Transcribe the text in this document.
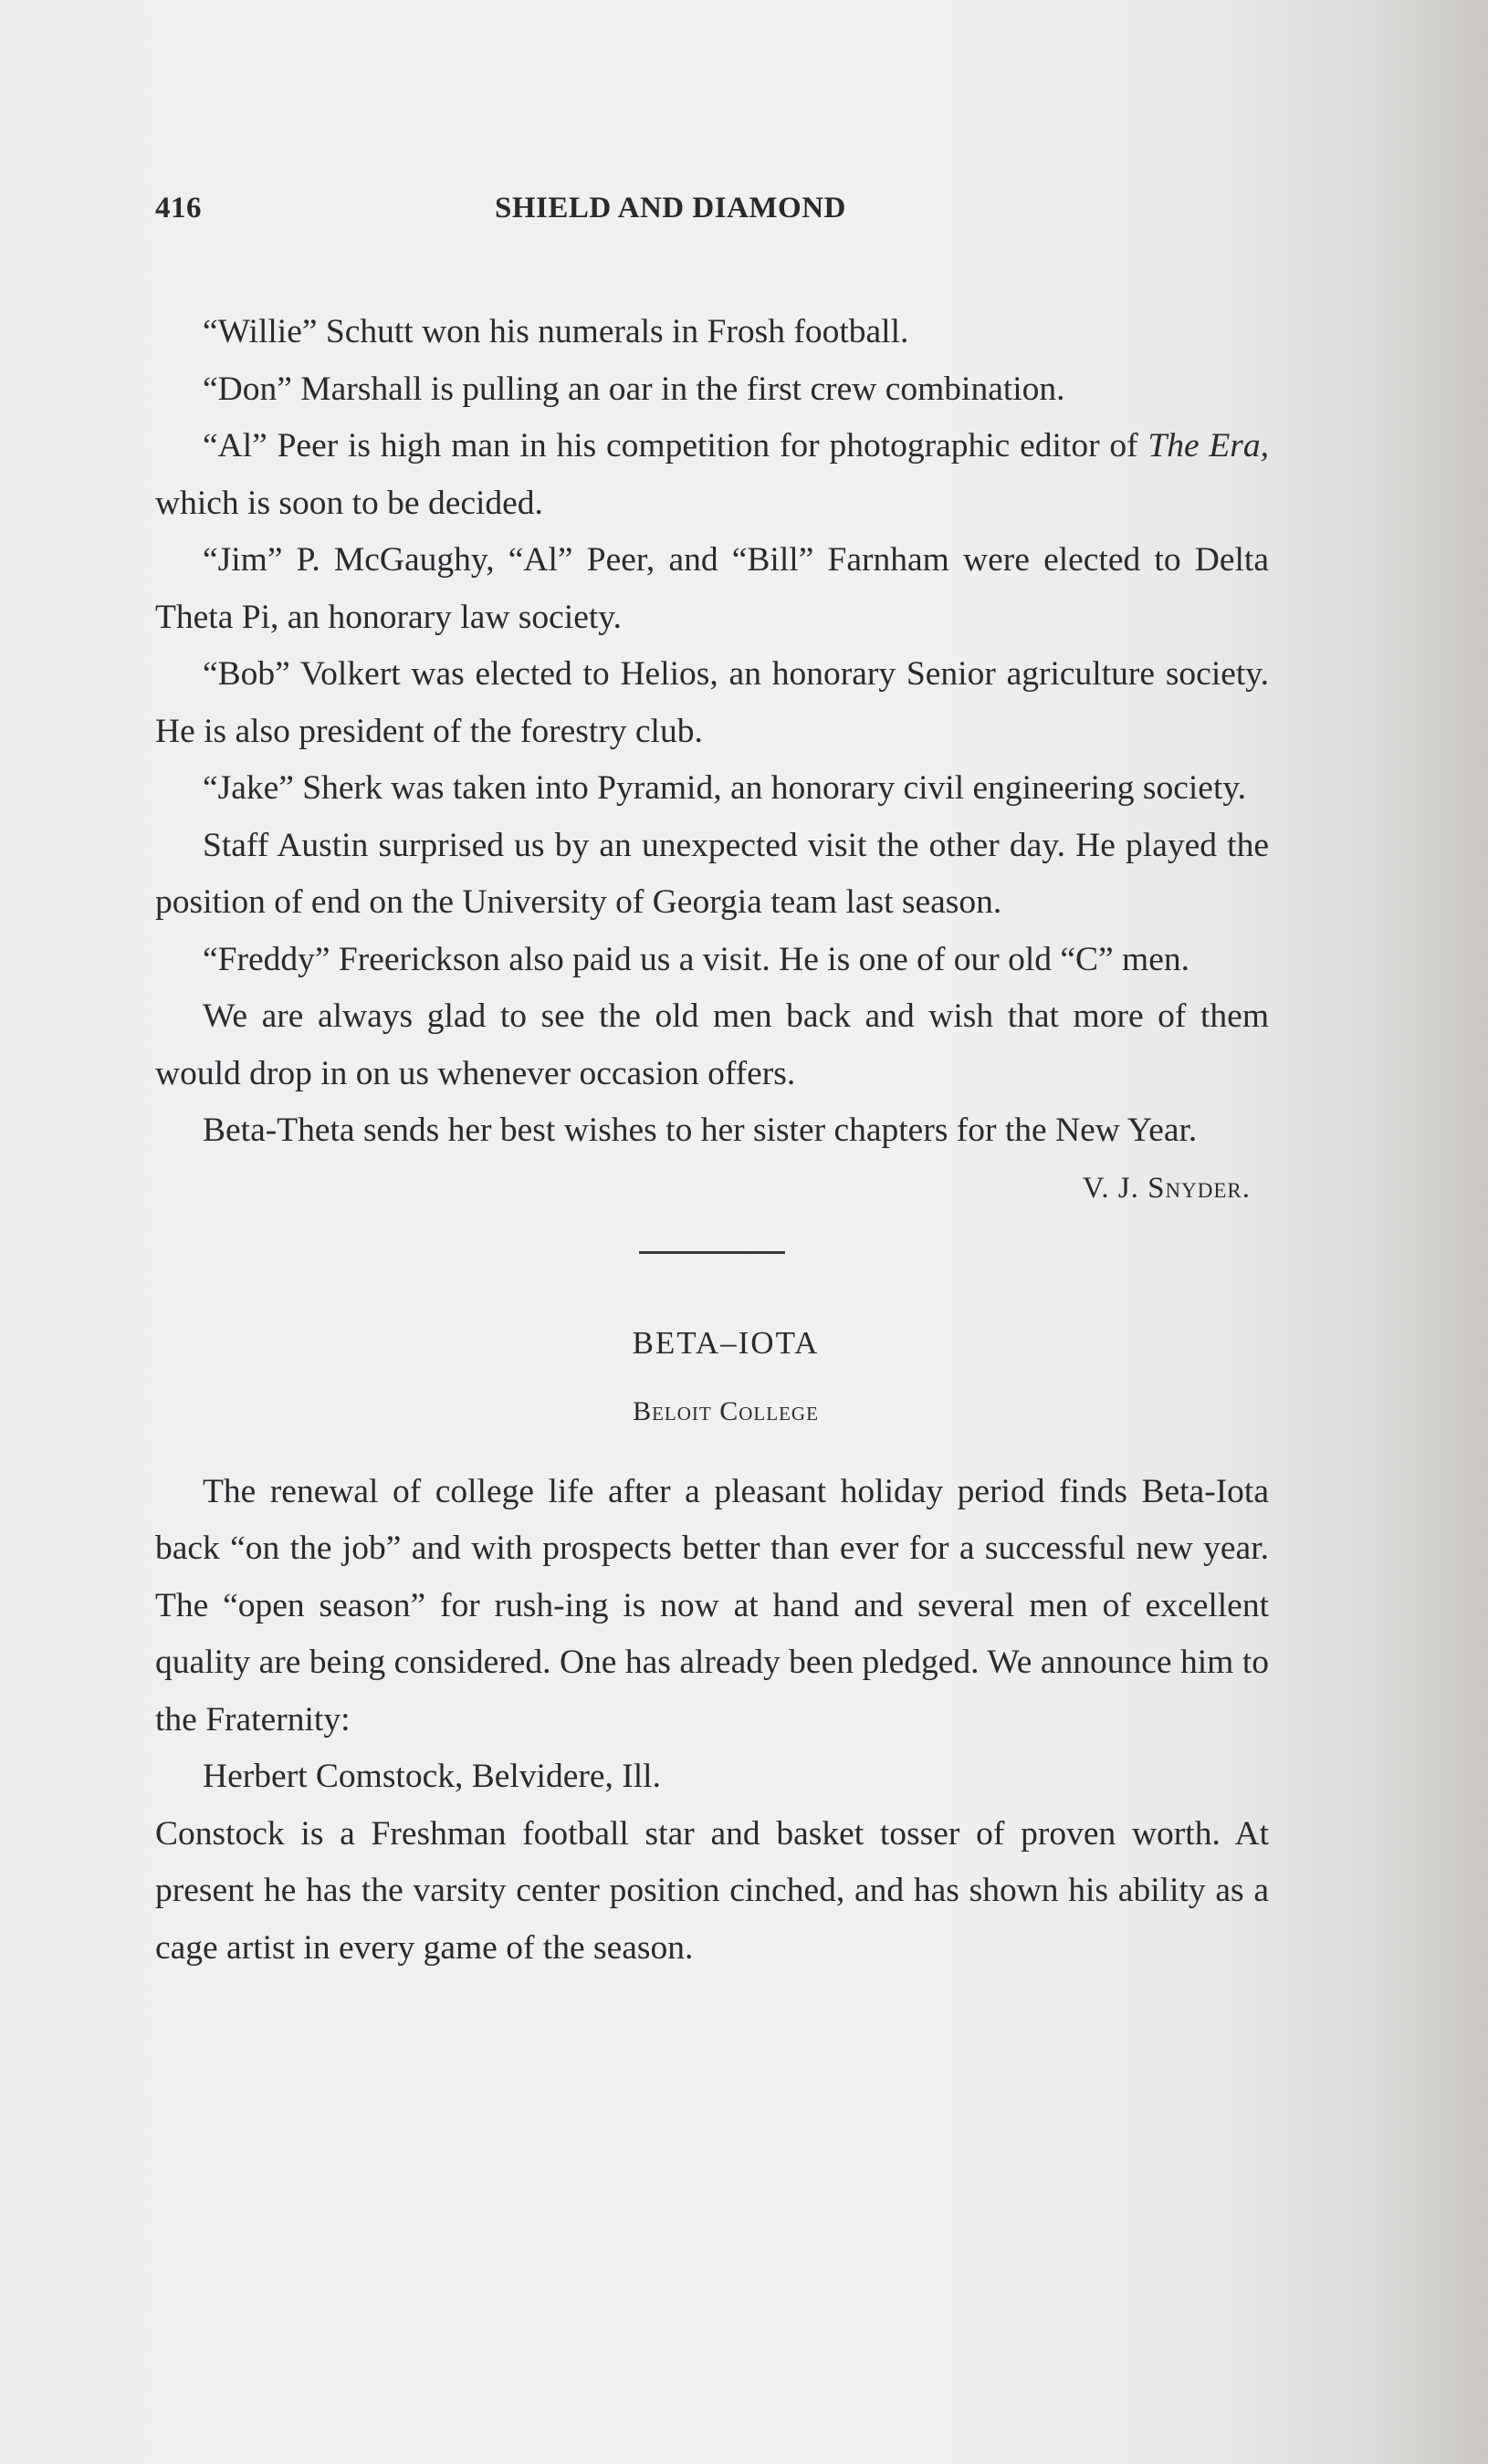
416	SHIELD AND DIAMOND

“Willie” Schutt won his numerals in Frosh football.

“Don” Marshall is pulling an oar in the first crew combination.

“Al” Peer is high man in his competition for photographic editor of The Era, which is soon to be decided.

“Jim” P. McGaughy, “Al” Peer, and “Bill” Farnham were elected to Delta Theta Pi, an honorary law society.

“Bob” Volkert was elected to Helios, an honorary Senior agriculture society. He is also president of the forestry club.

“Jake” Sherk was taken into Pyramid, an honorary civil engineering society.

Staff Austin surprised us by an unexpected visit the other day. He played the position of end on the University of Georgia team last season.

“Freddy” Freerickson also paid us a visit. He is one of our old “C” men.

We are always glad to see the old men back and wish that more of them would drop in on us whenever occasion offers.

Beta-Theta sends her best wishes to her sister chapters for the New Year.

V. J. Snyder.

BETA–IOTA
Beloit College

The renewal of college life after a pleasant holiday period finds Beta-Iota back “on the job” and with prospects better than ever for a successful new year. The “open season” for rush-ing is now at hand and several men of excellent quality are being considered. One has already been pledged. We announce him to the Fraternity:

Herbert Comstock, Belvidere, Ill.

Constock is a Freshman football star and basket tosser of proven worth. At present he has the varsity center position cinched, and has shown his ability as a cage artist in every game of the season.
